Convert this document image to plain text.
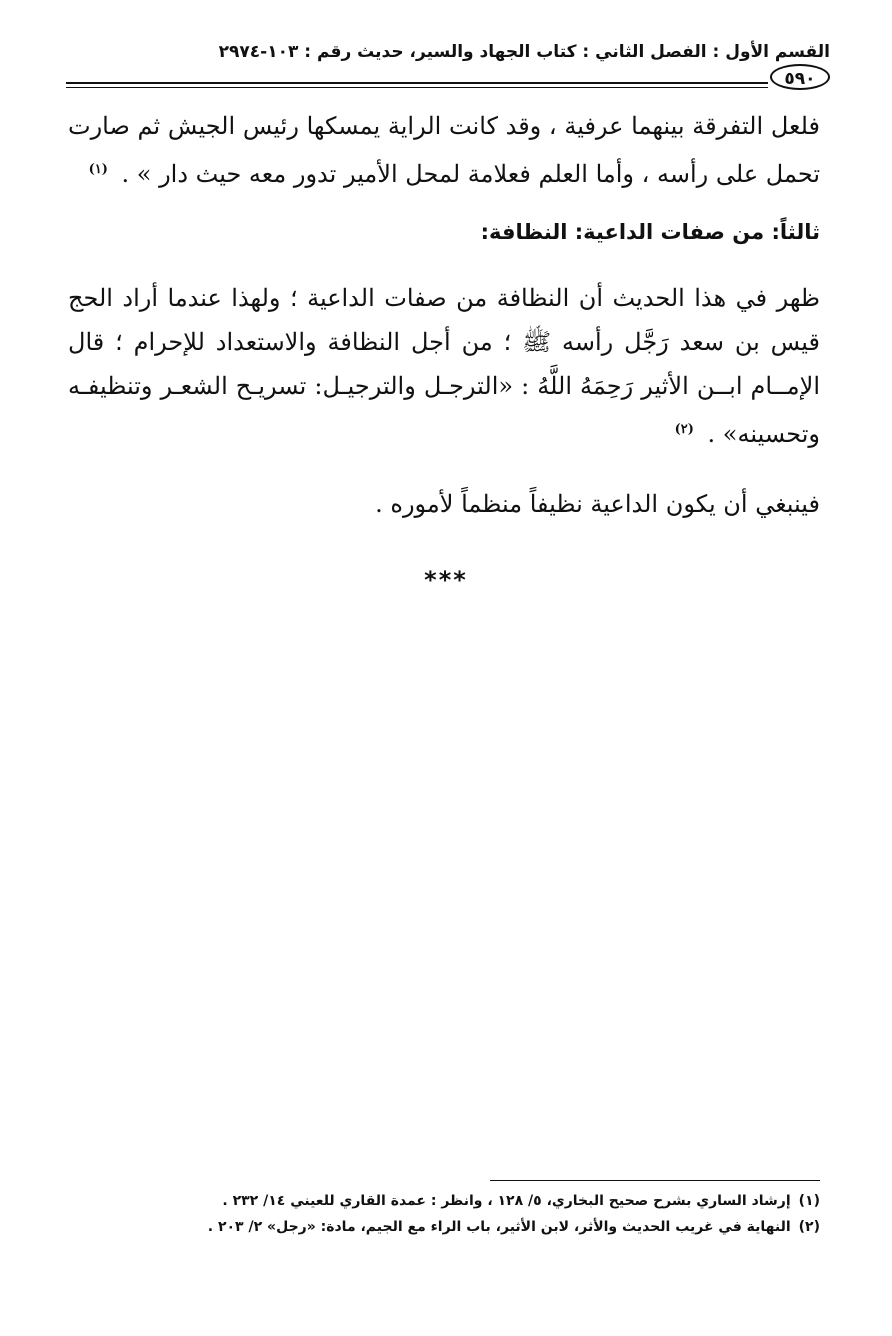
القسم الأول : الفصل الثاني : كتاب الجهاد والسير، حديث رقم : ١٠٣-٢٩٧٤
٥٩٠

فلعل التفرقة بينهما عرفية ، وقد كانت الراية يمسكها رئيس الجيش ثم صارت تحمل على رأسه ، وأما العلم فعلامة لمحل الأمير تدور معه حيث دار » . $^{(١)}$

ثالثاً: من صفات الداعية: النظافة:

ظهر في هذا الحديث أن النظافة من صفات الداعية ؛ ولهذا عندما أراد الحج قيس بن سعد رَجَّل رأسه ﷺ ؛ من أجل النظافة والاستعداد للإحرام ؛ قال الإمــام ابــن الأثير رَحِمَهُ اللَّهُ : «الترجـل والترجيـل: تسريـح الشعـر وتنظيفـه وتحسينه» . $^{(٢)}$

فينبغي أن يكون الداعية نظيفاً منظماً لأموره .

***
(١)
إرشاد الساري بشرح صحيح البخاري، ٥/ ١٢٨ ، وانظر : عمدة القاري للعيني ١٤/ ٢٣٢ .
(٢)
النهاية في غريب الحديث والأثر، لابن الأثير، باب الراء مع الجيم، مادة: «رجل» ٢/ ٢٠٣ .
